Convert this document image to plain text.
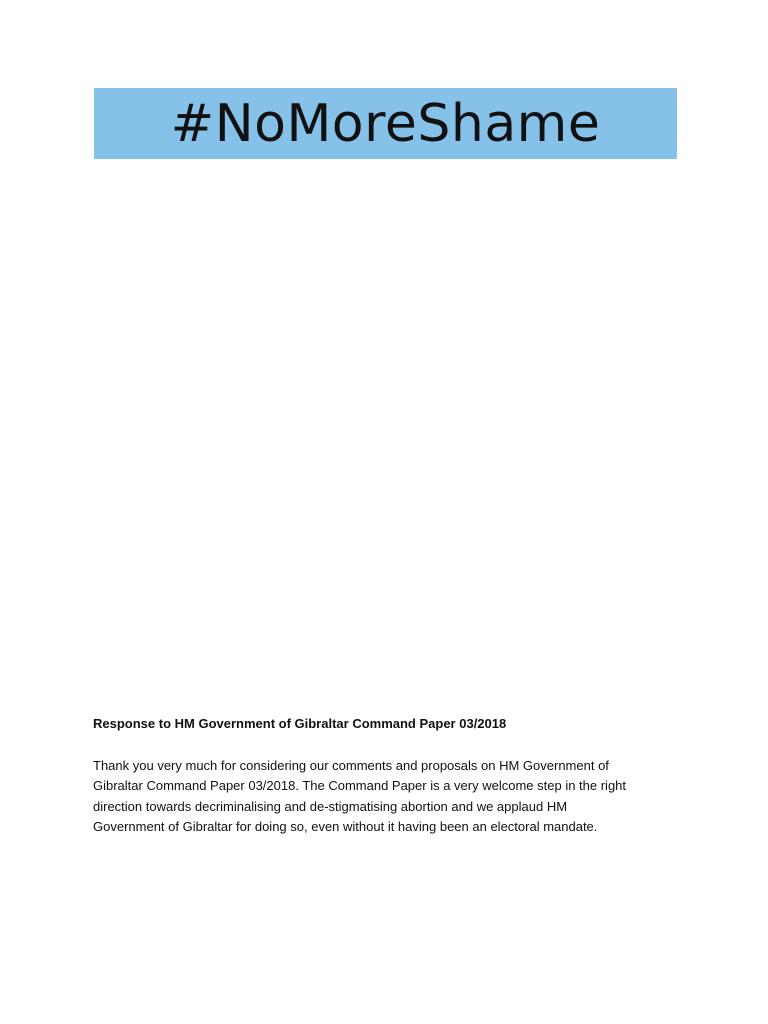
#NoMoreShame
Response to HM Government of Gibraltar Command Paper 03/2018
Thank you very much for considering our comments and proposals on HM Government of
Gibraltar Command Paper 03/2018. The Command Paper is a very welcome step in the right
direction towards decriminalising and de-stigmatising abortion and we applaud HM
Government of Gibraltar for doing so, even without it having been an electoral mandate.
